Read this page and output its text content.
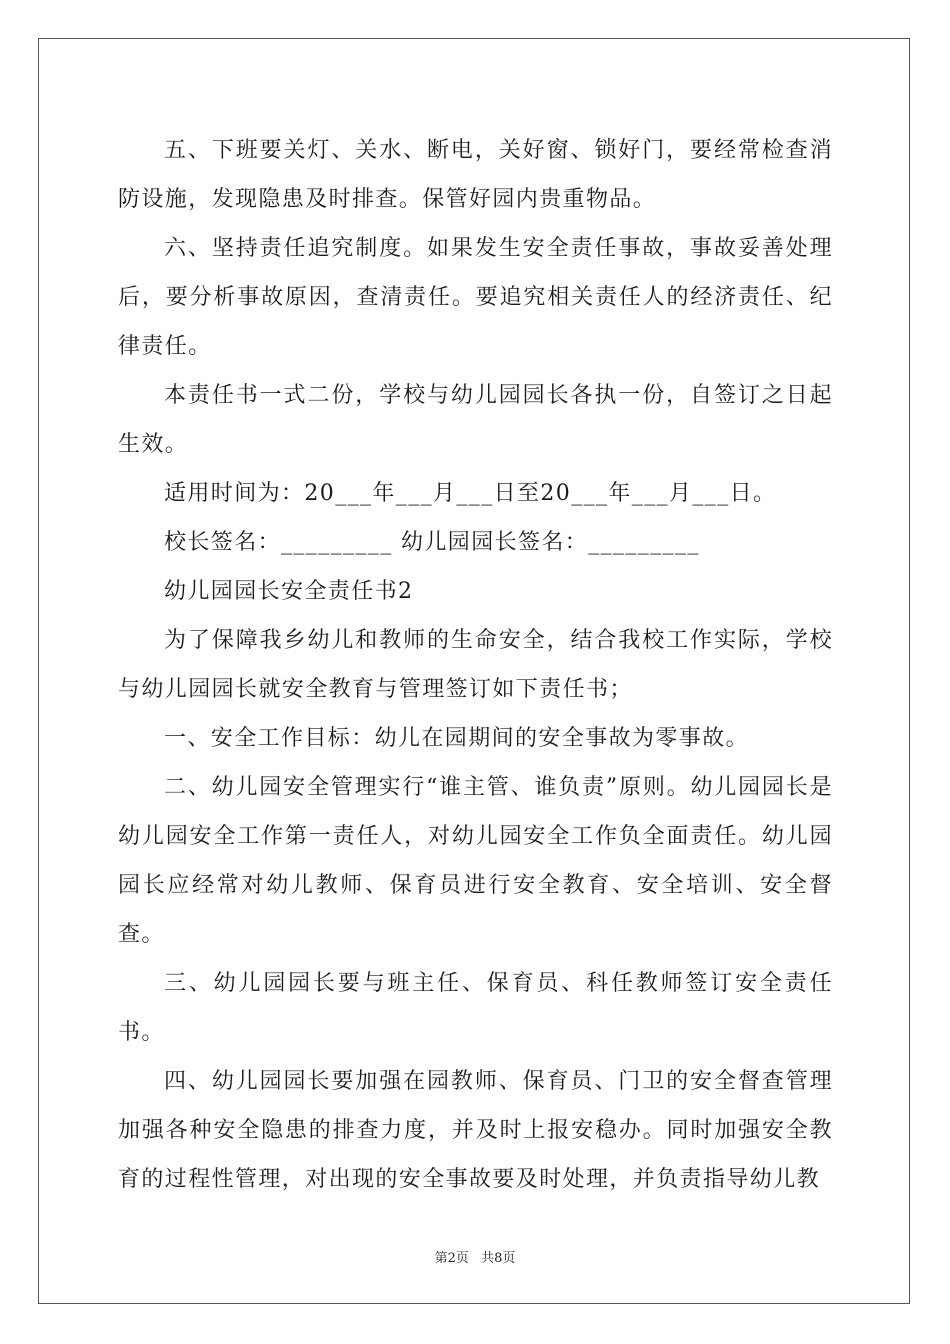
五、下班要关灯、关水、断电，关好窗、锁好门，要经常检查消防设施，发现隐患及时排查。保管好园内贵重物品。

六、坚持责任追究制度。如果发生安全责任事故，事故妥善处理后，要分析事故原因，查清责任。要追究相关责任人的经济责任、纪律责任。

本责任书一式二份，学校与幼儿园园长各执一份，自签订之日起生效。

适用时间为：20___年___月___日至20___年___月___日。

校长签名：_________ 幼儿园园长签名：_________

幼儿园园长安全责任书2

为了保障我乡幼儿和教师的生命安全，结合我校工作实际，学校与幼儿园园长就安全教育与管理签订如下责任书；

一、安全工作目标：幼儿在园期间的安全事故为零事故。

二、幼儿园安全管理实行“谁主管、谁负责”原则。幼儿园园长是幼儿园安全工作第一责任人，对幼儿园安全工作负全面责任。幼儿园园长应经常对幼儿教师、保育员进行安全教育、安全培训、安全督查。

三、幼儿园园长要与班主任、保育员、科任教师签订安全责任书。

四、幼儿园园长要加强在园教师、保育员、门卫的安全督查管理加强各种安全隐患的排查力度，并及时上报安稳办。同时加强安全教育的过程性管理，对出现的安全事故要及时处理，并负责指导幼儿教

第2页 共8页
